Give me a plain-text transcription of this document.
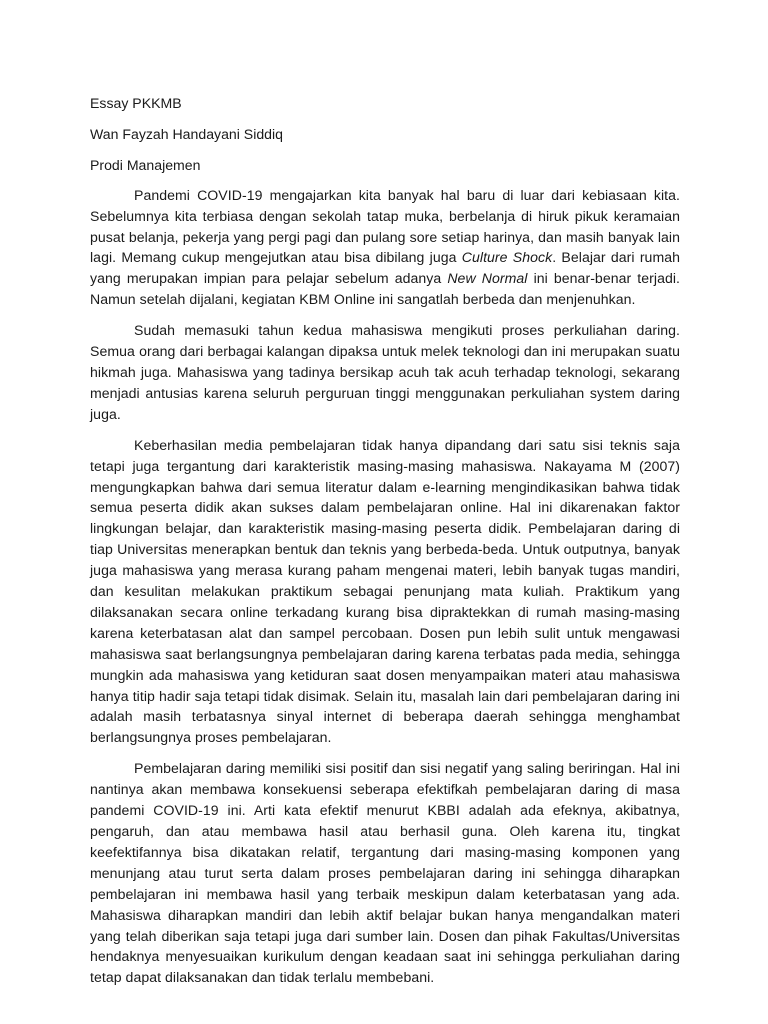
Essay PKKMB

Wan Fayzah Handayani Siddiq

Prodi Manajemen

Pandemi COVID-19 mengajarkan kita banyak hal baru di luar dari kebiasaan kita. Sebelumnya kita terbiasa dengan sekolah tatap muka, berbelanja di hiruk pikuk keramaian pusat belanja, pekerja yang pergi pagi dan pulang sore setiap harinya, dan masih banyak lain lagi. Memang cukup mengejutkan atau bisa dibilang juga Culture Shock. Belajar dari rumah yang merupakan impian para pelajar sebelum adanya New Normal ini benar-benar terjadi. Namun setelah dijalani, kegiatan KBM Online ini sangatlah berbeda dan menjenuhkan.

Sudah memasuki tahun kedua mahasiswa mengikuti proses perkuliahan daring. Semua orang dari berbagai kalangan dipaksa untuk melek teknologi dan ini merupakan suatu hikmah juga. Mahasiswa yang tadinya bersikap acuh tak acuh terhadap teknologi, sekarang menjadi antusias karena seluruh perguruan tinggi menggunakan perkuliahan system daring juga.

Keberhasilan media pembelajaran tidak hanya dipandang dari satu sisi teknis saja tetapi juga tergantung dari karakteristik masing-masing mahasiswa. Nakayama M (2007) mengungkapkan bahwa dari semua literatur dalam e-learning mengindikasikan bahwa tidak semua peserta didik akan sukses dalam pembelajaran online. Hal ini dikarenakan faktor lingkungan belajar, dan karakteristik masing-masing peserta didik. Pembelajaran daring di tiap Universitas menerapkan bentuk dan teknis yang berbeda-beda. Untuk outputnya, banyak juga mahasiswa yang merasa kurang paham mengenai materi, lebih banyak tugas mandiri, dan kesulitan melakukan praktikum sebagai penunjang mata kuliah. Praktikum yang dilaksanakan secara online terkadang kurang bisa dipraktekkan di rumah masing-masing karena keterbatasan alat dan sampel percobaan. Dosen pun lebih sulit untuk mengawasi mahasiswa saat berlangsungnya pembelajaran daring karena terbatas pada media, sehingga mungkin ada mahasiswa yang ketiduran saat dosen menyampaikan materi atau mahasiswa hanya titip hadir saja tetapi tidak disimak. Selain itu, masalah lain dari pembelajaran daring ini adalah masih terbatasnya sinyal internet di beberapa daerah sehingga menghambat berlangsungnya proses pembelajaran.

Pembelajaran daring memiliki sisi positif dan sisi negatif yang saling beriringan. Hal ini nantinya akan membawa konsekuensi seberapa efektifkah pembelajaran daring di masa pandemi COVID-19 ini. Arti kata efektif menurut KBBI adalah ada efeknya, akibatnya, pengaruh, dan atau membawa hasil atau berhasil guna. Oleh karena itu, tingkat keefektifannya bisa dikatakan relatif, tergantung dari masing-masing komponen yang menunjang atau turut serta dalam proses pembelajaran daring ini sehingga diharapkan pembelajaran ini membawa hasil yang terbaik meskipun dalam keterbatasan yang ada. Mahasiswa diharapkan mandiri dan lebih aktif belajar bukan hanya mengandalkan materi yang telah diberikan saja tetapi juga dari sumber lain. Dosen dan pihak Fakultas/Universitas hendaknya menyesuaikan kurikulum dengan keadaan saat ini sehingga perkuliahan daring tetap dapat dilaksanakan dan tidak terlalu membebani.
